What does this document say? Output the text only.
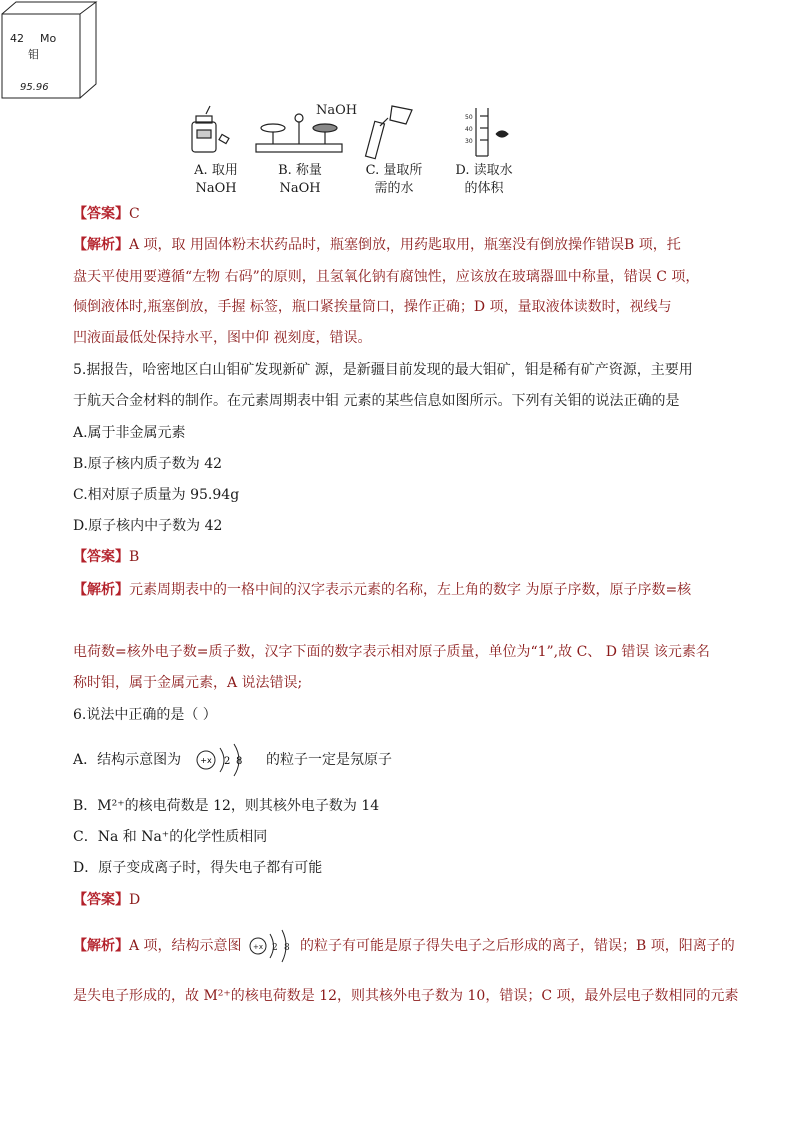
42 Mo
钼
95.96
NaOH	50
40
30
A. 取用
NaOH
B. 称量
NaOH
C. 量取所
需的水
D. 读取水
的体积
【答案】C
【解析】A 项，取 用固体粉末状药品时，瓶塞倒放，用药匙取用，瓶塞没有倒放操作错误B 项，托
盘天平使用要遵循“左物 右码”的原则，且氢氧化钠有腐蚀性，应该放在玻璃器皿中称量，错误 C 项，
倾倒液体时,瓶塞倒放，手握 标签，瓶口紧挨量筒口，操作正确；D 项，量取液体读数时，视线与
凹液面最低处保持水平，图中仰 视刻度，错误。
5.据报告，哈密地区白山钼矿发现新矿 源，是新疆目前发现的最大钼矿，钼是稀有矿产资源，主要用
于航天合金材料的制作。在元素周期表中钼 元素的某些信息如图所示。下列有关钼的说法正确的是
A.属于非金属元素
B.原子核内质子数为 42
C.相对原子质量为 95.94g
D.原子核内中子数为 42
【答案】B
【解析】元素周期表中的一格中间的汉字表示元素的名称，左上角的数字 为原子序数，原子序数=核
电荷数=核外电子数=质子数，汉字下面的数字表示相对原子质量，单位为“1”,故 C、 D 错误 该元素名
称时钼，属于金属元素，A 说法错误;
6.说法中正确的是（ ）
A．结构示意图为 +x 2 8 的粒子一定是氖原子
B．M²⁺的核电荷数是 12，则其核外电子数为 14
C．Na 和 Na⁺的化学性质相同
D．原子变成离子时，得失电子都有可能
【答案】D
【解析】A 项，结构示意图 +x 2 8 的粒子有可能是原子得失电子之后形成的离子，错误；B 项，阳离子的
是失电子形成的，故 M²⁺的核电荷数是 12，则其核外电子数为 10，错误；C 项，最外层电子数相同的元素
